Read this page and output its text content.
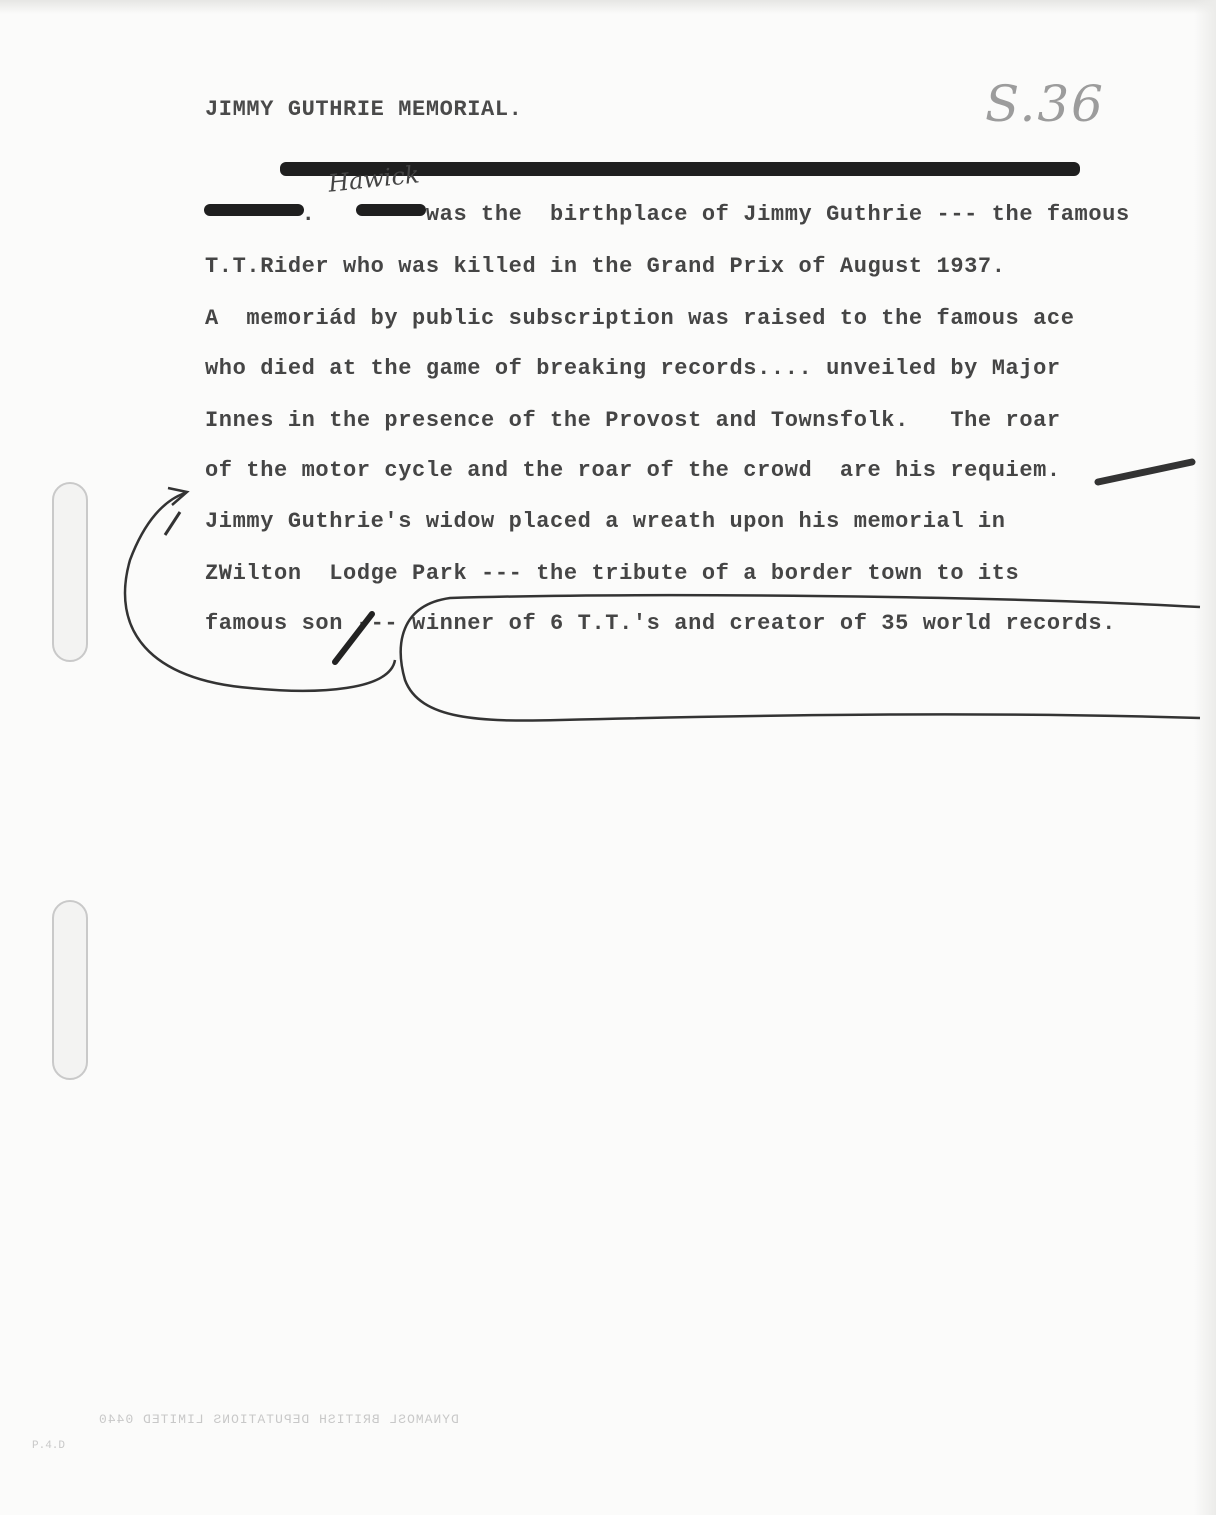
JIMMY GUTHRIE MEMORIAL.	S.36
Hawick
.        was the  birthplace of Jimmy Guthrie --- the famous
T.T.Rider who was killed in the Grand Prix of August 1937.
A  memoriád by public subscription was raised to the famous ace
who died at the game of breaking records.... unveiled by Major
Innes in the presence of the Provost and Townsfolk.   The roar
of the motor cycle and the roar of the crowd  are his requiem.
Jimmy Guthrie's widow placed a wreath upon his memorial in
ZWilton  Lodge Park --- the tribute of a border town to its
famous son --- winner of 6 T.T.'s and creator of 35 world records.
DYNAMOSL BRITISH DEPUTATIONS LIMITED 0440
P.4.D
